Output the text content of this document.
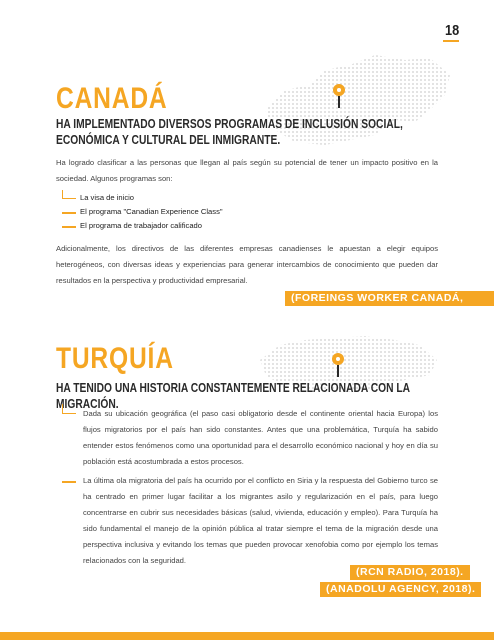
18
CANADÁ
HA IMPLEMENTADO DIVERSOS PROGRAMAS DE INCLUSIÓN SOCIAL, ECONÓMICA Y CULTURAL DEL INMIGRANTE.
Ha logrado clasificar a las personas que llegan al país según su potencial de tener un impacto positivo en la sociedad. Algunos programas son:
La visa de inicio
El programa "Canadian Experience Class"
El programa de trabajador calificado
Adicionalmente, los directivos de las diferentes empresas canadienses le apuestan a elegir equipos heterogéneos, con diversas ideas y experiencias para generar intercambios de conocimiento que pueden dar resultados en la perspectiva y productividad empresarial.
(FOREINGS WORKER CANADÁ, 2020)
TURQUÍA
HA TENIDO UNA HISTORIA CONSTANTEMENTE RELACIONADA CON LA MIGRACIÓN.
Dada su ubicación geográfica (el paso casi obligatorio desde el continente oriental hacia Europa) los flujos migratorios por el país han sido constantes. Antes que una problemática, Turquía ha sabido entender estos fenómenos como una oportunidad para el desarrollo económico nacional y hoy en día su población está acostumbrada a estos procesos.
La última ola migratoria del país ha ocurrido por el conflicto en Siria y la respuesta del Gobierno turco se ha centrado en primer lugar facilitar a los migrantes asilo y regularización en el país, para luego concentrarse en cubrir sus necesidades básicas (salud, vivienda, educación y empleo). Para Turquía ha sido fundamental el manejo de la opinión pública al tratar siempre el tema de la migración desde una perspectiva inclusiva y evitando los temas que pueden provocar xenofobia como por ejemplo los temas relacionados con la seguridad.
(RCN RADIO, 2018).
(ANADOLU AGENCY, 2018).
